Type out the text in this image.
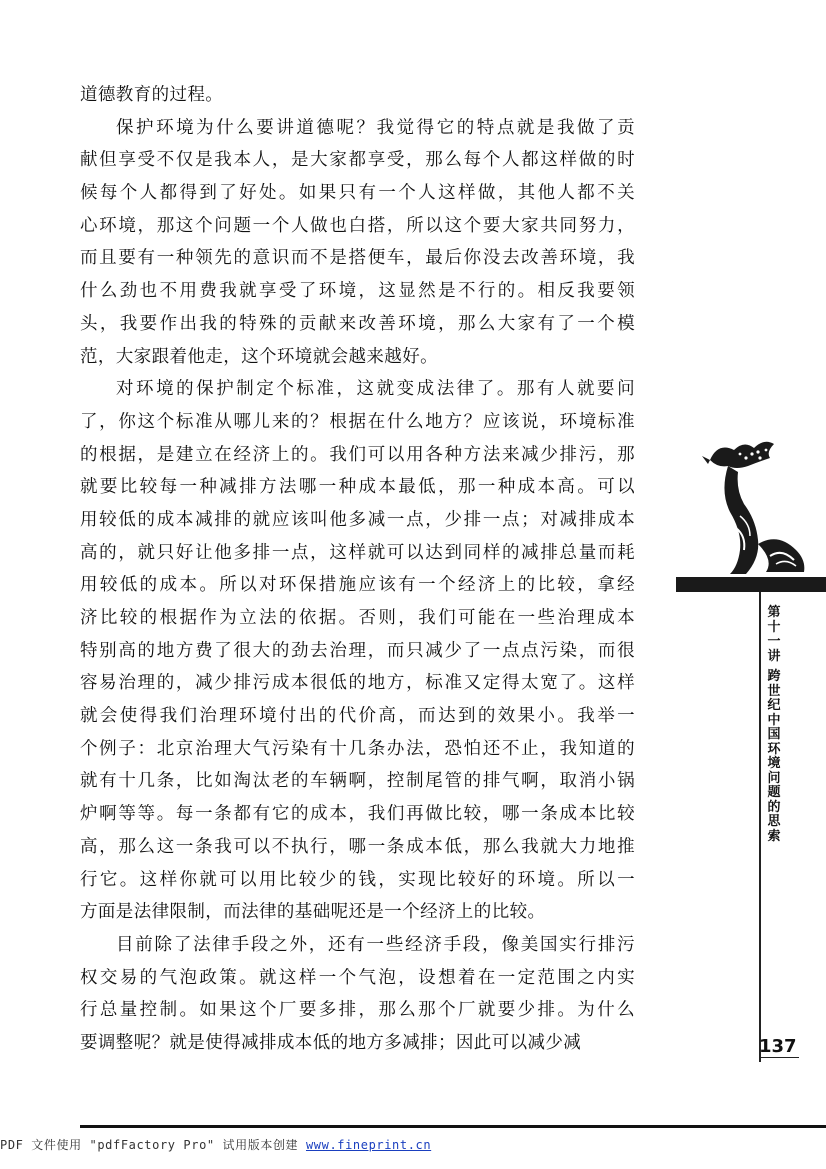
道德教育的过程。
保护环境为什么要讲道德呢？我觉得它的特点就是我做了贡
献但享受不仅是我本人，是大家都享受，那么每个人都这样做的时
候每个人都得到了好处。如果只有一个人这样做，其他人都不关
心环境，那这个问题一个人做也白搭，所以这个要大家共同努力，
而且要有一种领先的意识而不是搭便车，最后你没去改善环境，我
什么劲也不用费我就享受了环境，这显然是不行的。相反我要领
头，我要作出我的特殊的贡献来改善环境，那么大家有了一个模
范，大家跟着他走，这个环境就会越来越好。
对环境的保护制定个标准，这就变成法律了。那有人就要问
了，你这个标准从哪儿来的？根据在什么地方？应该说，环境标准
的根据，是建立在经济上的。我们可以用各种方法来减少排污，那
就要比较每一种减排方法哪一种成本最低，那一种成本高。可以
用较低的成本减排的就应该叫他多减一点，少排一点；对减排成本
高的，就只好让他多排一点，这样就可以达到同样的减排总量而耗
用较低的成本。所以对环保措施应该有一个经济上的比较，拿经
济比较的根据作为立法的依据。否则，我们可能在一些治理成本
特别高的地方费了很大的劲去治理，而只减少了一点点污染，而很
容易治理的，减少排污成本很低的地方，标准又定得太宽了。这样
就会使得我们治理环境付出的代价高，而达到的效果小。我举一
个例子：北京治理大气污染有十几条办法，恐怕还不止，我知道的
就有十几条，比如淘汰老的车辆啊，控制尾管的排气啊，取消小锅
炉啊等等。每一条都有它的成本，我们再做比较，哪一条成本比较
高，那么这一条我可以不执行，哪一条成本低，那么我就大力地推
行它。这样你就可以用比较少的钱，实现比较好的环境。所以一
方面是法律限制，而法律的基础呢还是一个经济上的比较。
目前除了法律手段之外，还有一些经济手段，像美国实行排污
权交易的气泡政策。就这样一个气泡，设想着在一定范围之内实
行总量控制。如果这个厂要多排，那么那个厂就要少排。为什么
要调整呢？就是使得减排成本低的地方多减排；因此可以减少减
第
十
一
讲
跨
世
纪
中
国
环
境
问
题
的
思
索
137
PDF 文件使用 "pdfFactory Pro" 试用版本创建 www.fineprint.cn
